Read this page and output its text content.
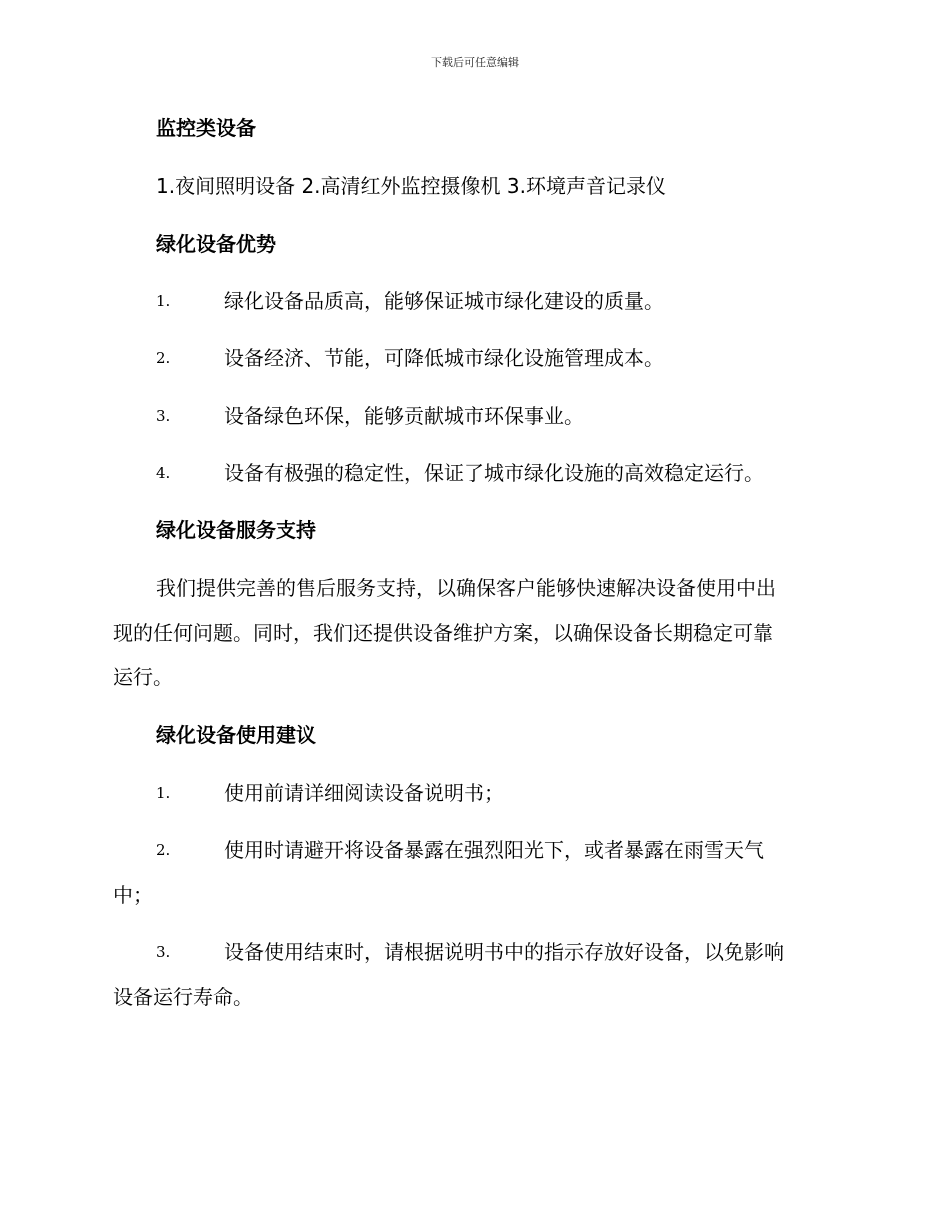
下载后可任意编辑
监控类设备
1.夜间照明设备 2.高清红外监控摄像机 3.环境声音记录仪
绿化设备优势
1.	绿化设备品质高，能够保证城市绿化建设的质量。
2.	设备经济、节能，可降低城市绿化设施管理成本。
3.	设备绿色环保，能够贡献城市环保事业。
4.	设备有极强的稳定性，保证了城市绿化设施的高效稳定运行。
绿化设备服务支持
我们提供完善的售后服务支持，以确保客户能够快速解决设备使用中出
现的任何问题。同时，我们还提供设备维护方案，以确保设备长期稳定可靠
运行。
绿化设备使用建议
1.	使用前请详细阅读设备说明书；
2.	使用时请避开将设备暴露在强烈阳光下，或者暴露在雨雪天气
中；
3.	设备使用结束时，请根据说明书中的指示存放好设备，以免影响
设备运行寿命。
